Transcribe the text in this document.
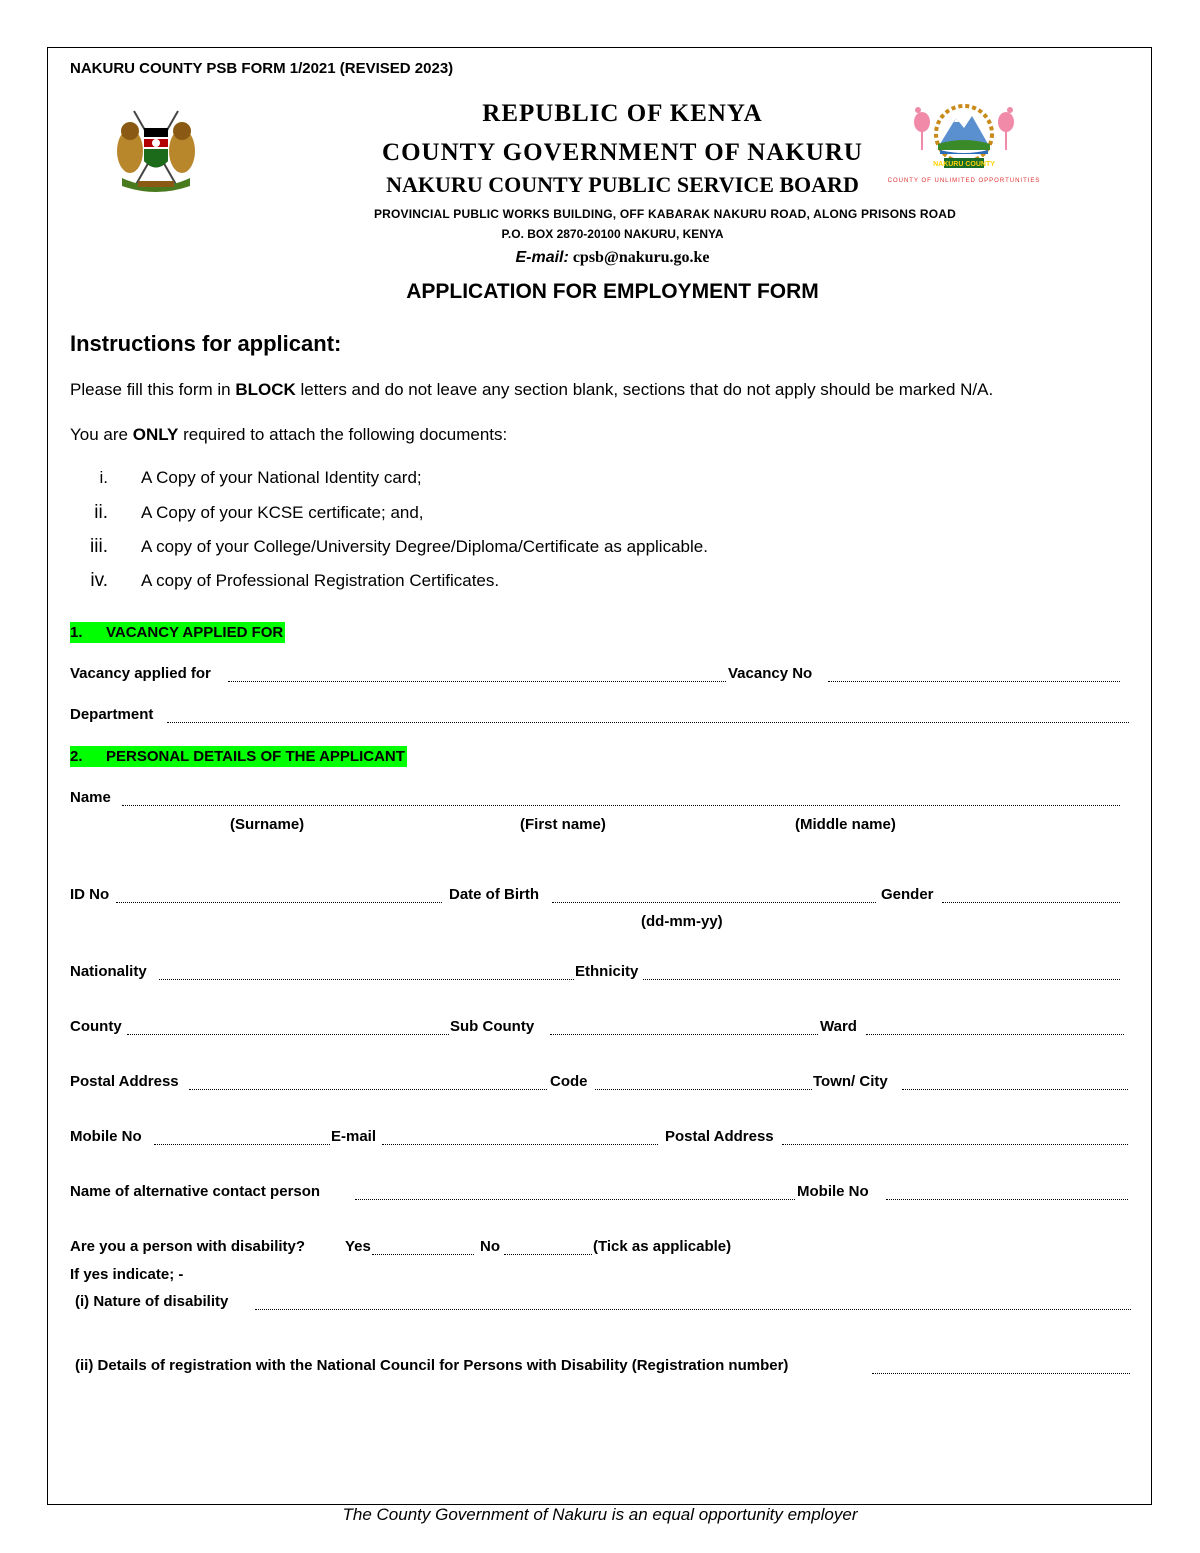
NAKURU COUNTY PSB FORM 1/2021 (REVISED 2023)
REPUBLIC OF KENYA
COUNTY GOVERNMENT OF NAKURU
NAKURU COUNTY PUBLIC SERVICE BOARD
NAKURU COUNTY
COUNTY OF UNLIMITED OPPORTUNITIES
PROVINCIAL PUBLIC WORKS BUILDING, OFF KABARAK NAKURU ROAD, ALONG PRISONS ROAD
P.O. BOX 2870-20100 NAKURU, KENYA
E-mail: cpsb@nakuru.go.ke
APPLICATION FOR EMPLOYMENT FORM
Instructions for applicant:
Please fill this form in BLOCK letters and do not leave any section blank, sections that do not apply should be marked N/A.
You are ONLY required to attach the following documents:
i. A Copy of your National Identity card;
ii. A Copy of your KCSE certificate; and,
iii. A copy of your College/University Degree/Diploma/Certificate as applicable.
iv. A copy of Professional Registration Certificates.
1. VACANCY APPLIED FOR
Vacancy applied for	Vacancy No
Department
2. PERSONAL DETAILS OF THE APPLICANT
Name
(Surname)	(First name)	(Middle name)
ID No	Date of Birth	Gender
(dd-mm-yy)
Nationality	Ethnicity
County	Sub County	Ward
Postal Address	Code	Town/ City
Mobile No	E-mail	Postal Address
Name of alternative contact person	Mobile No
Are you a person with disability?	Yes	No	(Tick as applicable)
If yes indicate; -
(i) Nature of disability
(ii) Details of registration with the National Council for Persons with Disability (Registration number)
The County Government of Nakuru is an equal opportunity employer
